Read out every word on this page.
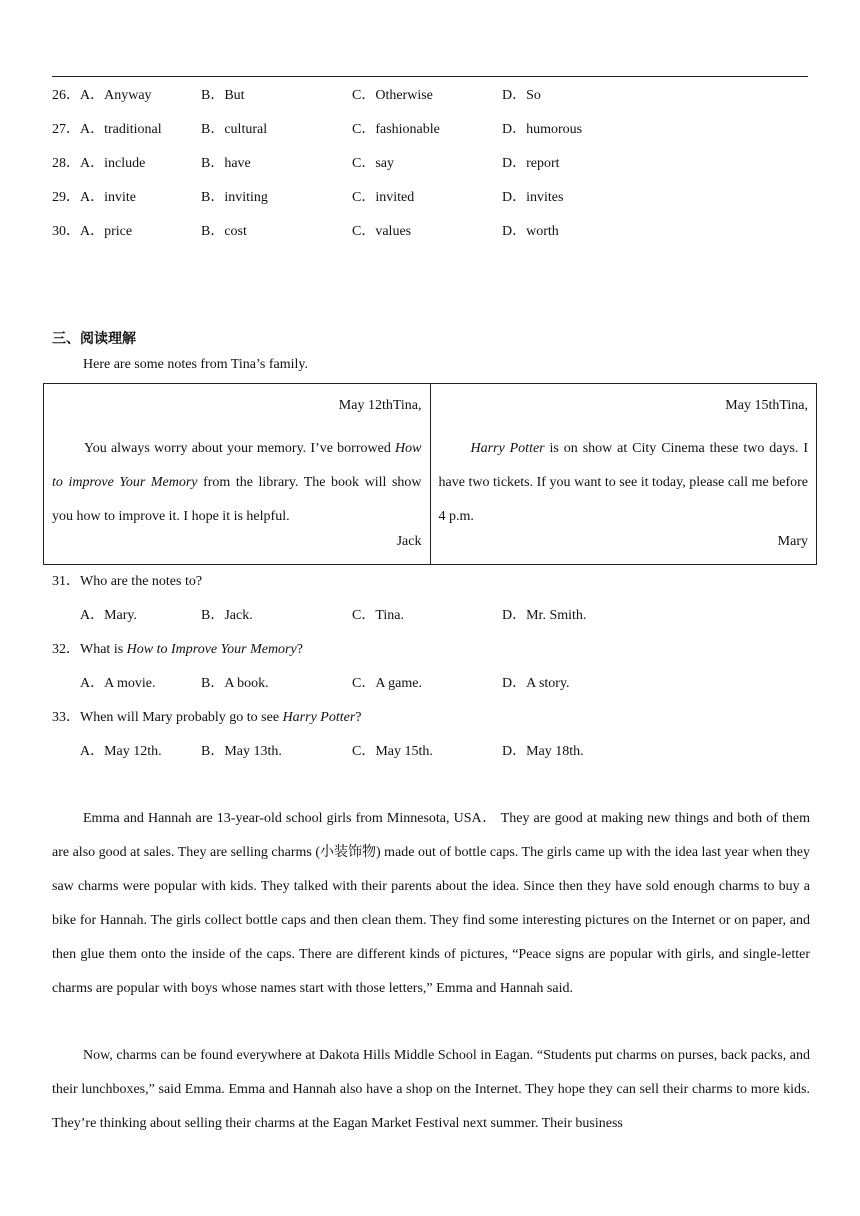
26． A．Anyway	B．But	C．Otherwise	D．So
27． A．traditional	B．cultural	C．fashionable	D．humorous
28． A．include	B．have	C．say	D．report
29． A．invite	B．inviting	C．invited	D．invites
30． A．price	B．cost	C．values	D．worth
三、阅读理解
Here are some notes from Tina’s family.
May 12thTina,
You always worry about your memory. I’ve borrowed How to improve Your Memory from the library. The book will show you how to improve it. I hope it is helpful.
Jack

May 15thTina,
Harry Potter is on show at City Cinema these two days. I have two tickets. If you want to see it today, please call me before 4 p.m.
Mary
31．Who are the notes to?
A．Mary.	B．Jack.	C．Tina.	D．Mr. Smith.
32．What is How to Improve Your Memory?
A．A movie.	B．A book.	C．A game.	D．A story.
33．When will Mary probably go to see Harry Potter?
A．May 12th.	B．May 13th.	C．May 15th.	D．May 18th.
Emma and Hannah are 13-year-old school girls from Minnesota, USA． They are good at making new things and both of them are also good at sales. They are selling charms (小装饰物) made out of bottle caps. The girls came up with the idea last year when they saw charms were popular with kids. They talked with their parents about the idea. Since then they have sold enough charms to buy a bike for Hannah. The girls collect bottle caps and then clean them. They find some interesting pictures on the Internet or on paper, and then glue them onto the inside of the caps. There are different kinds of pictures, “Peace signs are popular with girls, and single-letter charms are popular with boys whose names start with those letters,” Emma and Hannah said.
Now, charms can be found everywhere at Dakota Hills Middle School in Eagan. “Students put charms on purses, back packs, and their lunchboxes,” said Emma. Emma and Hannah also have a shop on the Internet. They hope they can sell their charms to more kids. They’re thinking about selling their charms at the Eagan Market Festival next summer. Their business
